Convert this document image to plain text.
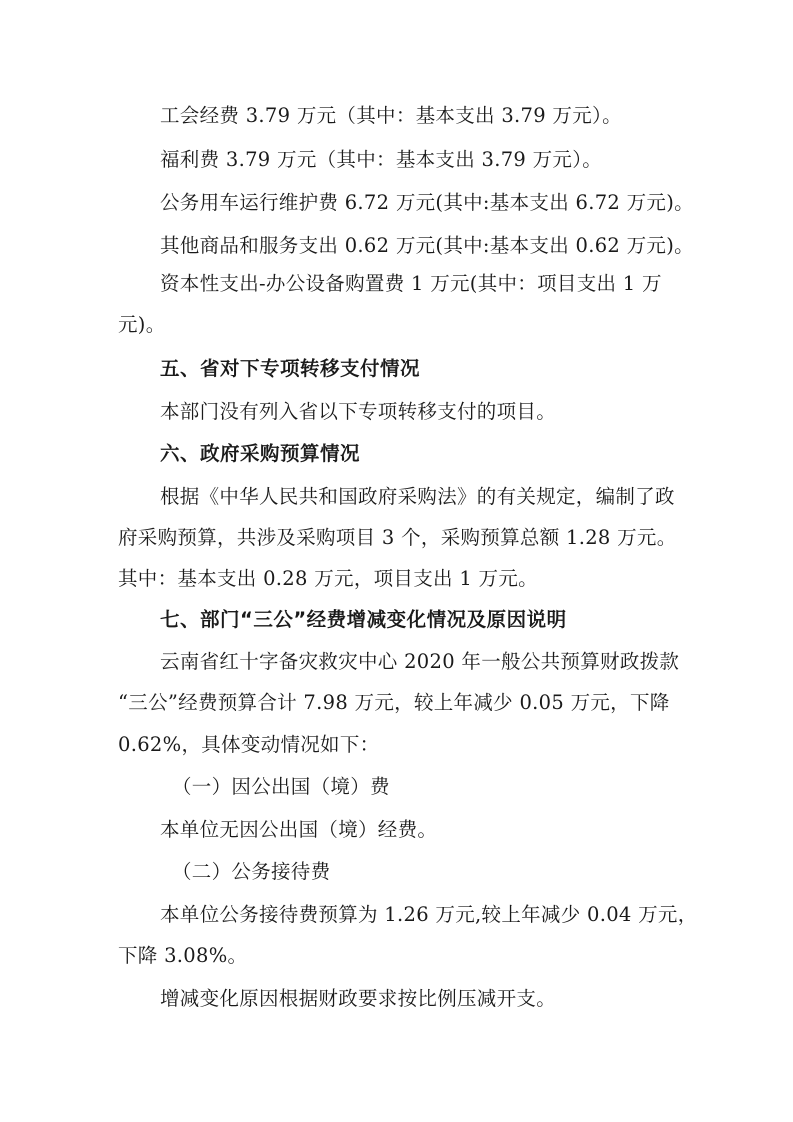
工会经费 3.79 万元（其中：基本支出 3.79 万元）。
福利费 3.79 万元（其中：基本支出 3.79 万元）。
公务用车运行维护费 6.72 万元(其中:基本支出 6.72 万元)。
其他商品和服务支出 0.62 万元(其中:基本支出 0.62 万元)。
资本性支出-办公设备购置费 1 万元(其中：项目支出 1 万
元)。
五、省对下专项转移支付情况
本部门没有列入省以下专项转移支付的项目。
六、政府采购预算情况
根据《中华人民共和国政府采购法》的有关规定，编制了政
府采购预算，共涉及采购项目 3 个，采购预算总额 1.28 万元。
其中：基本支出 0.28 万元，项目支出 1 万元。
七、部门“三公”经费增减变化情况及原因说明
云南省红十字备灾救灾中心 2020 年一般公共预算财政拨款
“三公”经费预算合计 7.98 万元，较上年减少 0.05 万元，下降
0.62%，具体变动情况如下：
（一）因公出国（境）费
本单位无因公出国（境）经费。
（二）公务接待费
本单位公务接待费预算为 1.26 万元,较上年减少 0.04 万元，
下降 3.08%。
增减变化原因根据财政要求按比例压减开支。
